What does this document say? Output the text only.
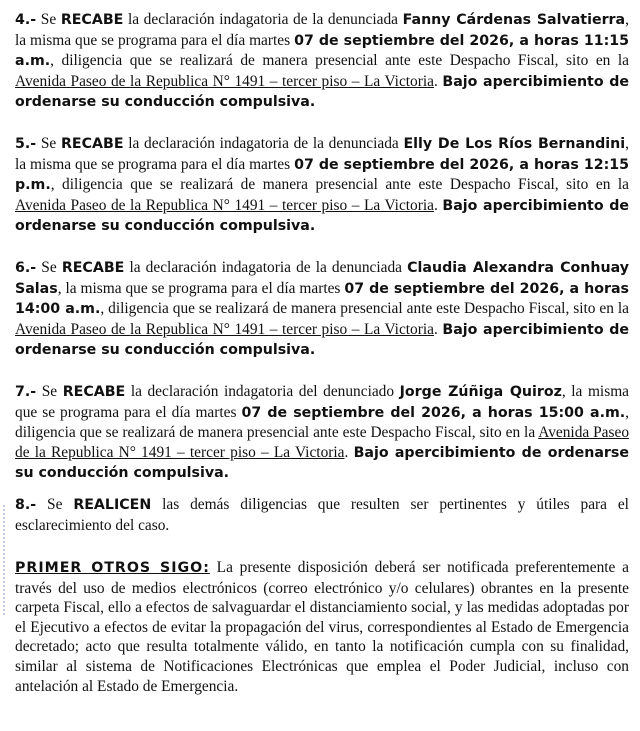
4.- Se RECABE la declaración indagatoria de la denunciada Fanny Cárdenas Salvatierra, la misma que se programa para el día martes 07 de septiembre del 2026, a horas 11:15 a.m., diligencia que se realizará de manera presencial ante este Despacho Fiscal, sito en la Avenida Paseo de la Republica N° 1491 – tercer piso – La Victoria. Bajo apercibimiento de ordenarse su conducción compulsiva.

5.- Se RECABE la declaración indagatoria de la denunciada Elly De Los Ríos Bernandini, la misma que se programa para el día martes 07 de septiembre del 2026, a horas 12:15 p.m., diligencia que se realizará de manera presencial ante este Despacho Fiscal, sito en la Avenida Paseo de la Republica N° 1491 – tercer piso – La Victoria. Bajo apercibimiento de ordenarse su conducción compulsiva.

6.- Se RECABE la declaración indagatoria de la denunciada Claudia Alexandra Conhuay Salas, la misma que se programa para el día martes 07 de septiembre del 2026, a horas 14:00 a.m., diligencia que se realizará de manera presencial ante este Despacho Fiscal, sito en la Avenida Paseo de la Republica N° 1491 – tercer piso – La Victoria. Bajo apercibimiento de ordenarse su conducción compulsiva.

7.- Se RECABE la declaración indagatoria del denunciado Jorge Zúñiga Quiroz, la misma que se programa para el día martes 07 de septiembre del 2026, a horas 15:00 a.m., diligencia que se realizará de manera presencial ante este Despacho Fiscal, sito en la Avenida Paseo de la Republica N° 1491 – tercer piso – La Victoria. Bajo apercibimiento de ordenarse su conducción compulsiva.

8.- Se REALICEN las demás diligencias que resulten ser pertinentes y útiles para el esclarecimiento del caso.

PRIMER OTROS SIGO: La presente disposición deberá ser notificada preferentemente a través del uso de medios electrónicos (correo electrónico y/o celulares) obrantes en la presente carpeta Fiscal, ello a efectos de salvaguardar el distanciamiento social, y las medidas adoptadas por el Ejecutivo a efectos de evitar la propagación del virus, correspondientes al Estado de Emergencia decretado; acto que resulta totalmente válido, en tanto la notificación cumpla con su finalidad, similar al sistema de Notificaciones Electrónicas que emplea el Poder Judicial, incluso con antelación al Estado de Emergencia.
